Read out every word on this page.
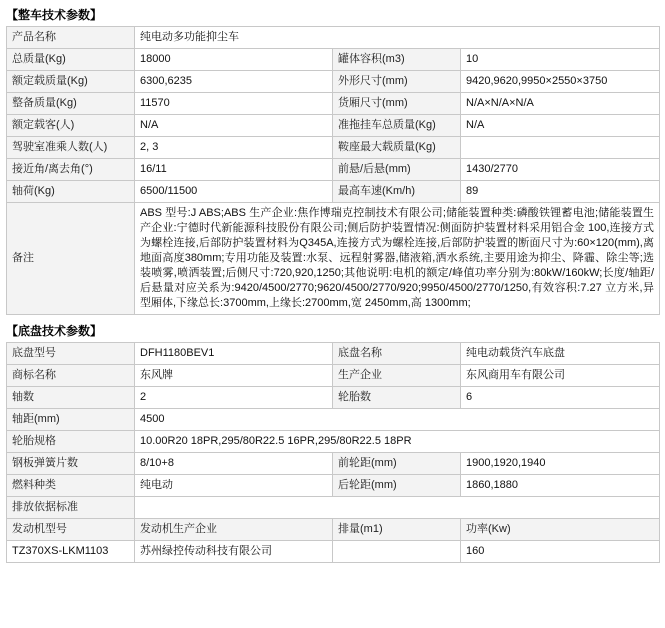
【整车技术参数】
产品名称	纯电动多功能抑尘车		
总质量(Kg)	18000	罐体容积(m3)	10
额定载质量(Kg)	6300,6235	外形尺寸(mm)	9420,9620,9950×2550×3750
整备质量(Kg)	11570	货厢尺寸(mm)	N/A×N/A×N/A
额定载客(人)	N/A	准拖挂车总质量(Kg)	N/A
驾驶室准乘人数(人)	2, 3	鞍座最大载质量(Kg)	
接近角/离去角(°)	16/11	前悬/后悬(mm)	1430/2770
轴荷(Kg)	6500/11500	最高车速(Km/h)	89
备注	ABS 型号:J ABS;ABS 生产企业:焦作博瑞克控制技术有限公司;储能装置种类:磷酸铁锂蓄电池;储能装置生产企业:宁德时代新能源科技股份有限公司;侧后防护装置情况:侧面防护装置材料采用铝合金 100,连接方式为螺栓连接,后部防护装置材料为Q345A,连接方式为螺栓连接,后部防护装置的断面尺寸为:60×120(mm),离地面高度380mm;专用功能及装置:水泵、远程射雾器,储液箱,洒水系统,主要用途为抑尘、降霾、除尘等;选装喷雾,喷洒装置;后侧尺寸:720,920,1250;其他说明:电机的额定/峰值功率分别为:80kW/160kW;长度/轴距/后悬量对应关系为:9420/4500/2770;9620/4500/2770/920;9950/4500/2770/1250,有效容积:7.27 立方米,异型厢体,下缘总长:3700mm,上缘长:2700mm,宽 2450mm,高 1300mm;		
【底盘技术参数】
底盘型号	DFH1180BEV1	底盘名称	纯电动载货汽车底盘
商标名称	东风牌	生产企业	东风商用车有限公司
轴数	2	轮胎数	6
轴距(mm)	4500		
轮胎规格	10.00R20 18PR,295/80R22.5 16PR,295/80R22.5 18PR		
钢板弹簧片数	8/10+8	前轮距(mm)	1900,1920,1940
燃料种类	纯电动	后轮距(mm)	1860,1880
排放依据标准			
发动机型号	发动机生产企业	排量(m1)	功率(Kw)
TZ370XS-LKM1103	苏州绿控传动科技有限公司		160
